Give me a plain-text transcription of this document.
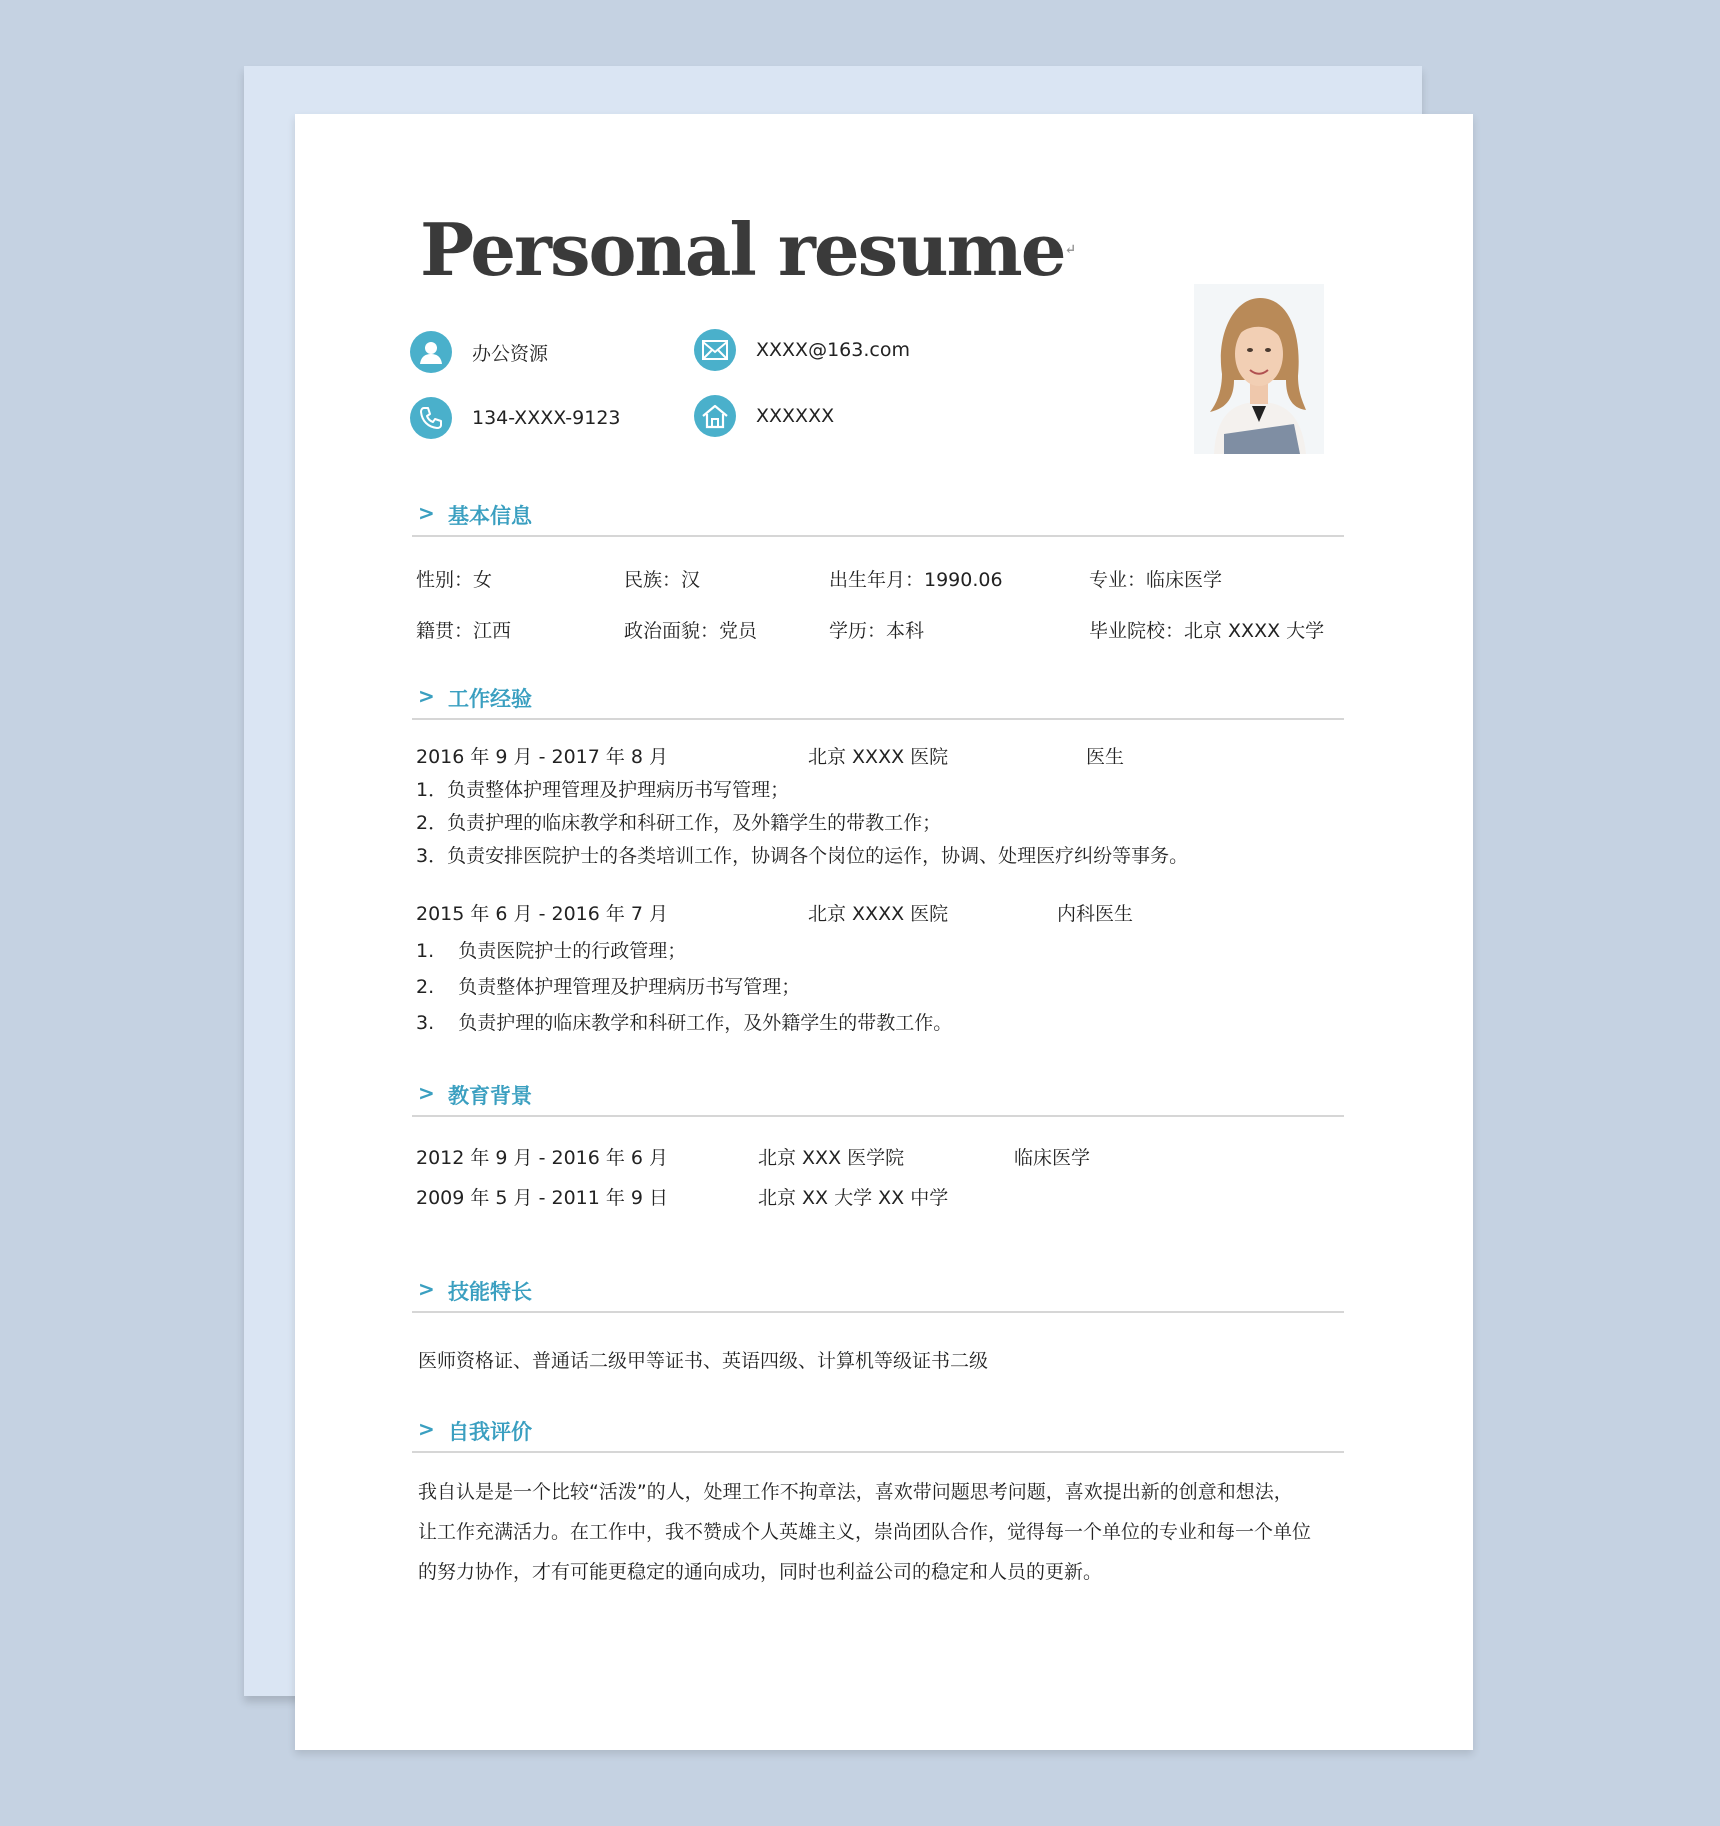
Personal resume↵
办公资源	XXXX@163.com
134-XXXX-9123	XXXXXX
> 基本信息
性别：女	民族：汉	出生年月：1990.06	专业：临床医学
籍贯：江西	政治面貌：党员	学历：本科	毕业院校：北京 XXXX 大学
> 工作经验
2016 年 9 月 - 2017 年 8 月	北京 XXXX 医院	医生
1．负责整体护理管理及护理病历书写管理；
2．负责护理的临床教学和科研工作，及外籍学生的带教工作；
3．负责安排医院护士的各类培训工作，协调各个岗位的运作，协调、处理医疗纠纷等事务。
2015 年 6 月 - 2016 年 7 月	北京 XXXX 医院	内科医生
1.    负责医院护士的行政管理；
2.    负责整体护理管理及护理病历书写管理；
3.    负责护理的临床教学和科研工作，及外籍学生的带教工作。
> 教育背景
2012 年 9 月 - 2016 年 6 月	北京 XXX 医学院	临床医学
2009 年 5 月 - 2011 年 9 日	北京 XX 大学 XX 中学
> 技能特长
医师资格证、普通话二级甲等证书、英语四级、计算机等级证书二级
> 自我评价
我自认是是一个比较“活泼”的人，处理工作不拘章法，喜欢带问题思考问题，喜欢提出新的创意和想法，
让工作充满活力。在工作中，我不赞成个人英雄主义，崇尚团队合作，觉得每一个单位的专业和每一个单位
的努力协作，才有可能更稳定的通向成功，同时也利益公司的稳定和人员的更新。
